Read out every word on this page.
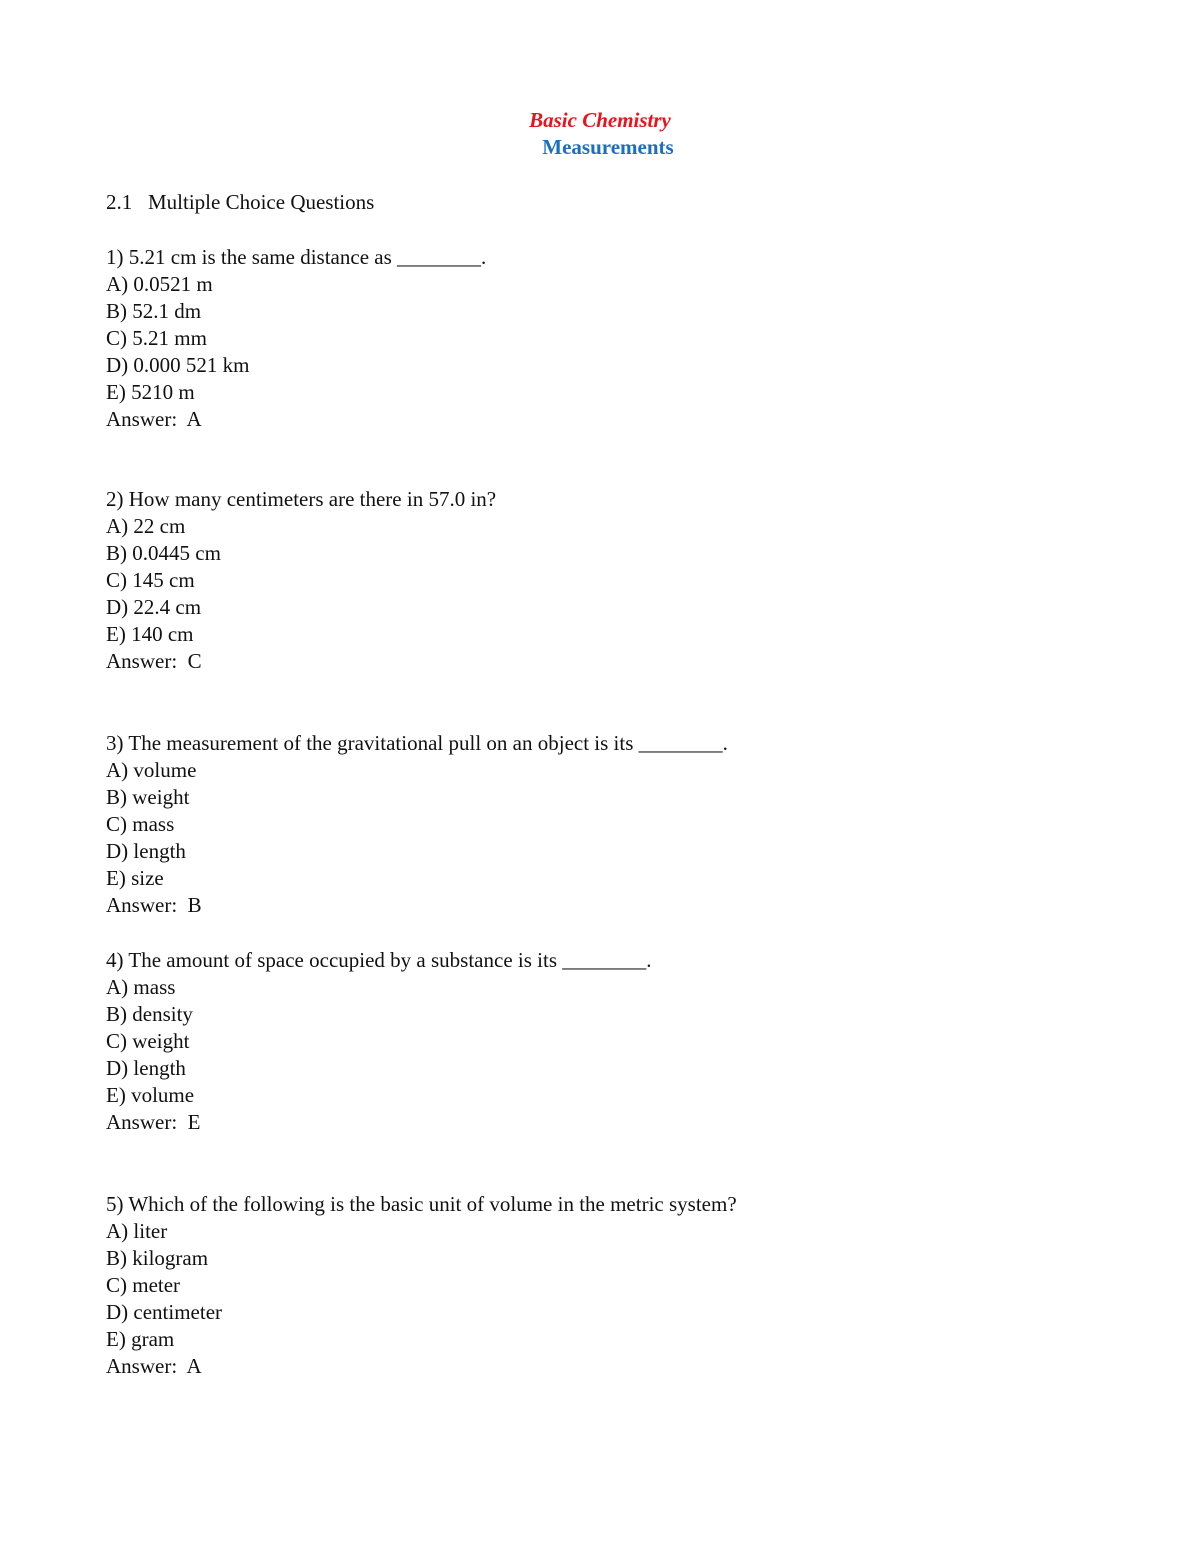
Basic Chemistry
Measurements
2.1 Multiple Choice Questions
1) 5.21 cm is the same distance as ________.
A) 0.0521 m
B) 52.1 dm
C) 5.21 mm
D) 0.000 521 km
E) 5210 m
Answer:  A
2) How many centimeters are there in 57.0 in?
A) 22 cm
B) 0.0445 cm
C) 145 cm
D) 22.4 cm
E) 140 cm
Answer:  C
3) The measurement of the gravitational pull on an object is its ________.
A) volume
B) weight
C) mass
D) length
E) size
Answer:  B
4) The amount of space occupied by a substance is its ________.
A) mass
B) density
C) weight
D) length
E) volume
Answer:  E
5) Which of the following is the basic unit of volume in the metric system?
A) liter
B) kilogram
C) meter
D) centimeter
E) gram
Answer:  A
